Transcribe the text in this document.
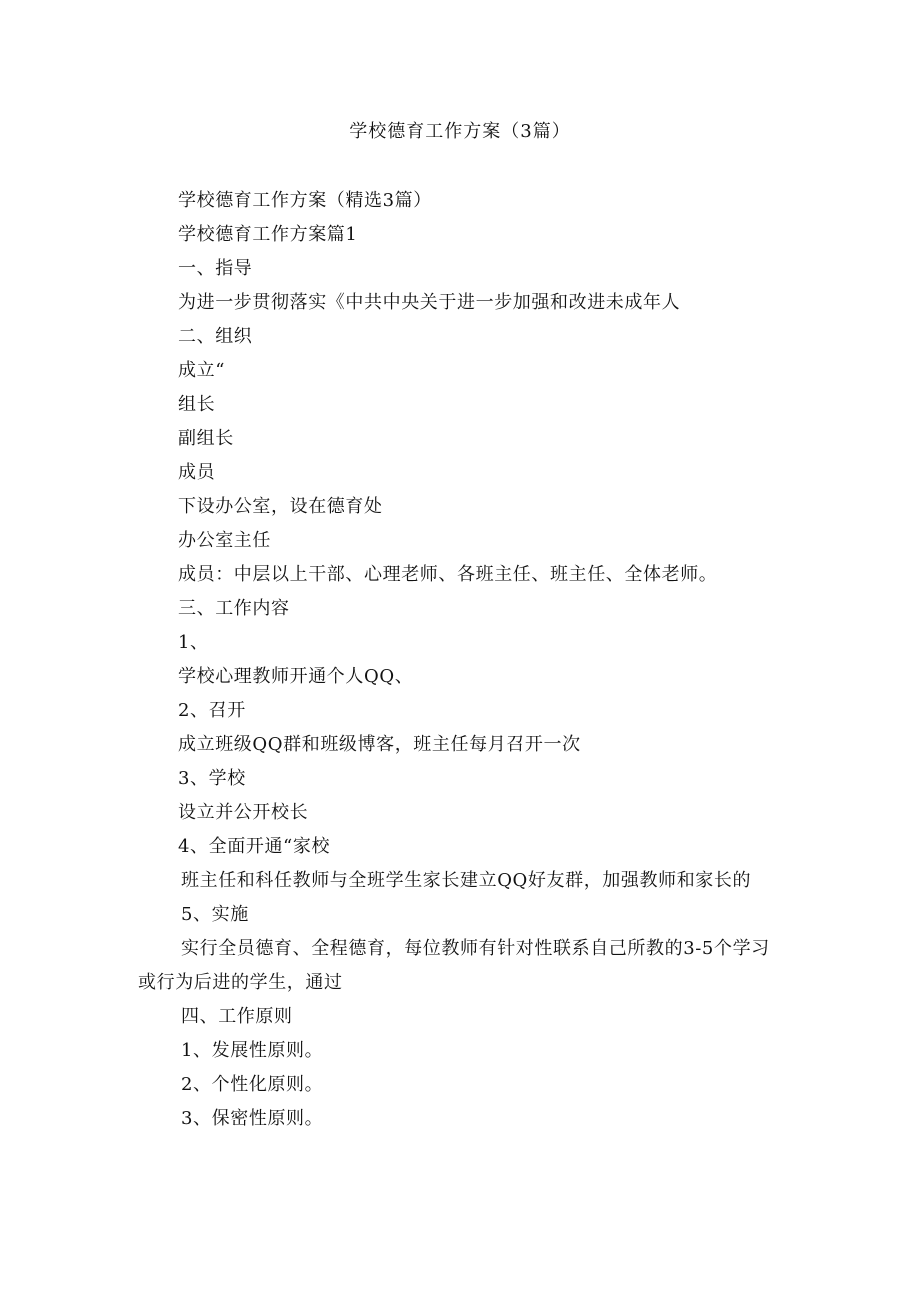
学校德育工作方案（3篇）
学校德育工作方案（精选3篇）
学校德育工作方案篇1
一、指导
为进一步贯彻落实《中共中央关于进一步加强和改进未成年人
二、组织
成立“
组长
副组长
成员
下设办公室，设在德育处
办公室主任
成员：中层以上干部、心理老师、各班主任、班主任、全体老师。
三、工作内容
1、
学校心理教师开通个人QQ、
2、召开
成立班级QQ群和班级博客，班主任每月召开一次
3、学校
设立并公开校长
4、全面开通“家校
班主任和科任教师与全班学生家长建立QQ好友群，加强教师和家长的
5、实施
实行全员德育、全程德育，每位教师有针对性联系自己所教的3-5个学习或行为后进的学生，通过
四、工作原则
1、发展性原则。
2、个性化原则。
3、保密性原则。
